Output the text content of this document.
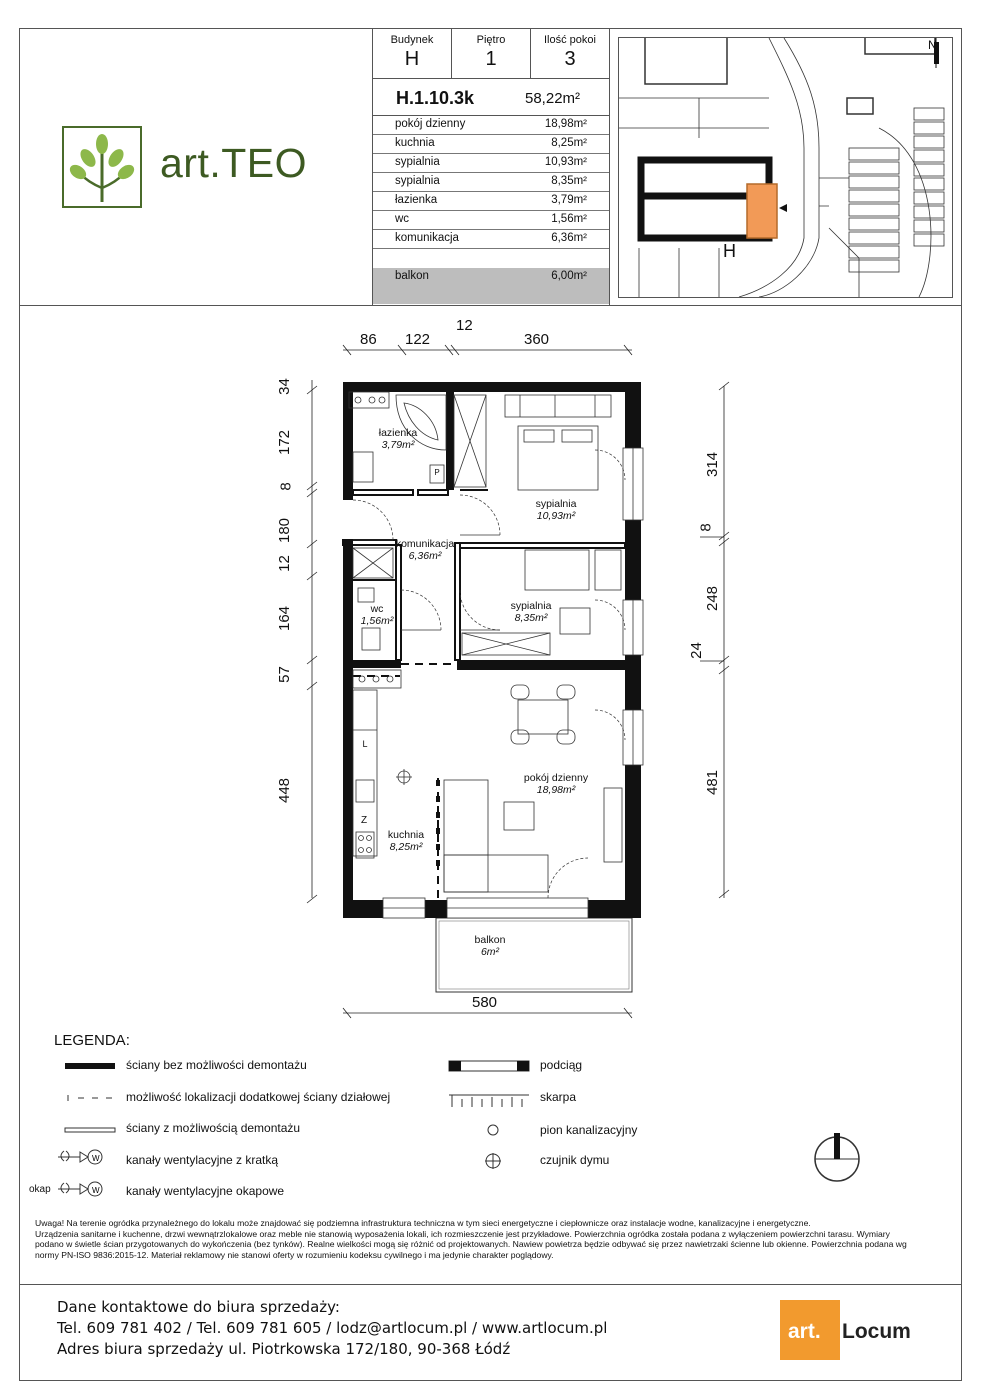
art.TEO
Budynek	Piętro	Ilość pokoi
H	1	3
H.1.10.3k	58,22m²
pokój dzienny	18,98m²
kuchnia	8,25m²
sypialnia	10,93m²
sypialnia	8,35m²
łazienka	3,79m²
wc	1,56m²
komunikacja	6,36m²
balkon	6,00m²
H
N
86 122
12
360
34
172
8
180
12
164
57
448
314
8
248
24
481
580
łazienka
3,79m²
sypialnia
10,93m²
komunikacja
6,36m²
wc
1,56m²
sypialnia
8,35m²
pokój dzienny
18,98m²
kuchnia
8,25m²
balkon
6m²
P
L
Z
LEGENDA:
W
W
ściany bez możliwości demontażu
możliwość lokalizacji dodatkowej ściany działowej
ściany z możliwością demontażu
kanały wentylacyjne z kratką
kanały wentylacyjne okapowe
okap
podciąg
skarpa
pion kanalizacyjny
czujnik dymu
Uwaga! Na terenie ogródka przynależnego do lokalu może znajdować się podziemna infrastruktura techniczna w tym sieci energetyczne i ciepłownicze oraz instalacje wodne, kanalizacyjne i energetyczne.
Urządzenia sanitarne i kuchenne, drzwi wewnątrzlokalowe oraz meble nie stanowią wyposażenia lokali, ich rozmieszczenie jest przykładowe. Powierzchnia ogródka została podana z wyłączeniem powierzchni tarasu. Wymiary podano w świetle ścian przygotowanych do wykończenia (bez tynków). Realne wielkości mogą się różnić od projektowanych. Nawiew powietrza będzie odbywać się przez nawietrzaki ścienne lub okienne. Powierzchnia podana wg normy PN-ISO 9836:2015-12. Materiał reklamowy nie stanowi oferty w rozumieniu kodeksu cywilnego i ma jedynie charakter poglądowy.
Dane kontaktowe do biura sprzedaży:
Tel. 609 781 402 / Tel. 609 781 605 / lodz@artlocum.pl / www.artlocum.pl
Adres biura sprzedaży ul. Piotrkowska 172/180, 90-368 Łódź
art. Locum
